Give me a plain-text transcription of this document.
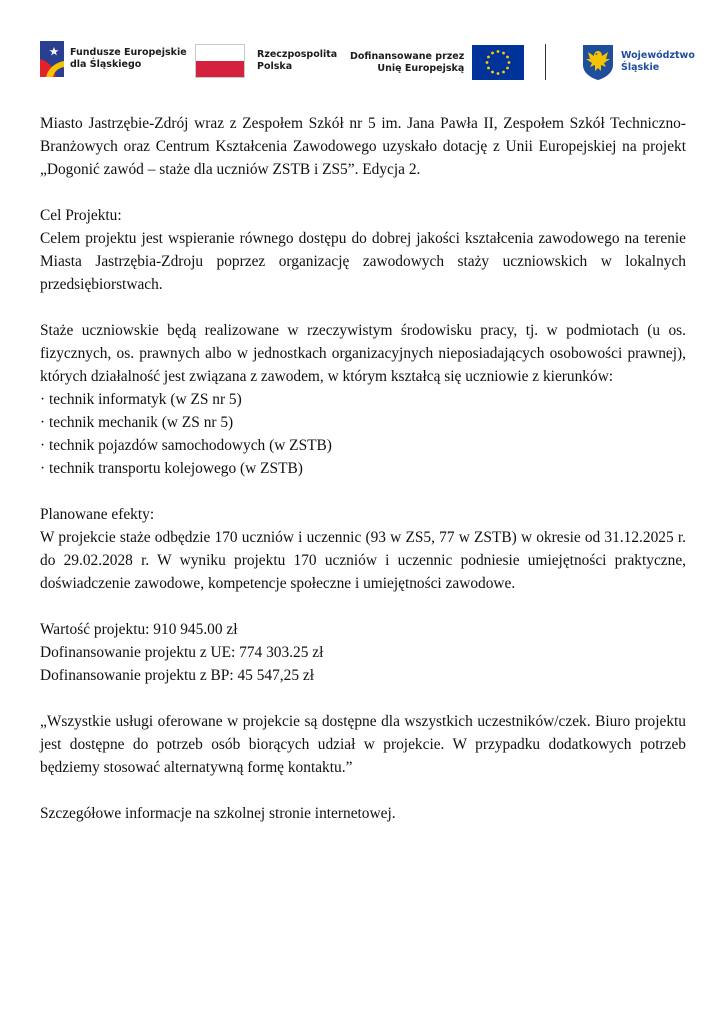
Fundusze Europejskie
dla Śląskiego
Rzeczpospolita
Polska
Dofinansowane przez
Unię Europejską
Województwo
Śląskie

Miasto Jastrzębie-Zdrój wraz z Zespołem Szkół nr 5 im. Jana Pawła II, Zespołem Szkół Techniczno-Branżowych oraz Centrum Kształcenia Zawodowego uzyskało dotację z Unii Europejskiej na projekt „Dogonić zawód – staże dla uczniów ZSTB i ZS5”. Edycja 2.

Cel Projektu:

Celem projektu jest wspieranie równego dostępu do dobrej jakości kształcenia zawodowego na terenie Miasta Jastrzębia-Zdroju poprzez organizację zawodowych staży uczniowskich w lokalnych przedsiębiorstwach.

Staże uczniowskie będą realizowane w rzeczywistym środowisku pracy, tj. w podmiotach (u os. fizycznych, os. prawnych albo w jednostkach organizacyjnych nieposiadających osobowości prawnej), których działalność jest związana z zawodem, w którym kształcą się uczniowie z kierunków:

· technik informatyk (w ZS nr 5)

· technik mechanik (w ZS nr 5)

· technik pojazdów samochodowych (w ZSTB)

· technik transportu kolejowego (w ZSTB)

Planowane efekty:

W projekcie staże odbędzie 170 uczniów i uczennic (93 w ZS5, 77 w ZSTB) w okresie od 31.12.2025 r. do 29.02.2028 r. W wyniku projektu 170 uczniów i uczennic podniesie umiejętności praktyczne, doświadczenie zawodowe, kompetencje społeczne i umiejętności zawodowe.

Wartość projektu: 910 945.00 zł

Dofinansowanie projektu z UE: 774 303.25 zł

Dofinansowanie projektu z BP: 45 547,25 zł

„Wszystkie usługi oferowane w projekcie są dostępne dla wszystkich uczestników/czek. Biuro projektu jest dostępne do potrzeb osób biorących udział w projekcie. W przypadku dodatkowych potrzeb będziemy stosować alternatywną formę kontaktu.”

Szczegółowe informacje na szkolnej stronie internetowej.
